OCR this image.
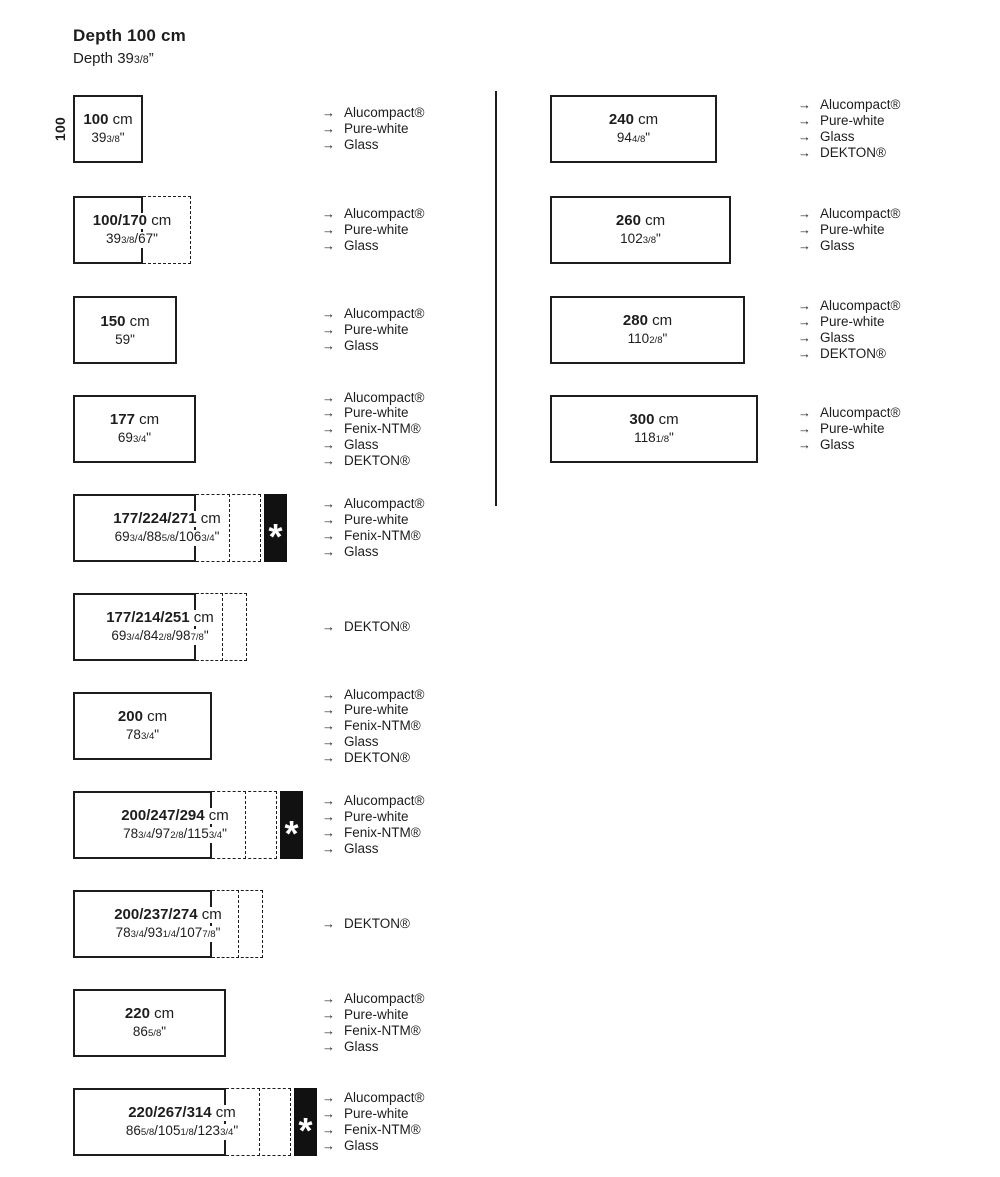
Depth 100 cm
Depth 393/8”
100 cm
393/8"
100
→ Alucompact®
→ Pure-white
→ Glass
100/170 cm
393/8/67"
→ Alucompact®
→ Pure-white
→ Glass
150 cm
59"
→ Alucompact®
→ Pure-white
→ Glass
177 cm
693/4"
→ Alucompact®
→ Pure-white
→ Fenix-NTM®
→ Glass
→ DEKTON®
*
177/224/271 cm
693/4/885/8/1063/4"
→ Alucompact®
→ Pure-white
→ Fenix-NTM®
→ Glass
177/214/251 cm
693/4/842/8/987/8"
→ DEKTON®
200 cm
783/4"
→ Alucompact®
→ Pure-white
→ Fenix-NTM®
→ Glass
→ DEKTON®
*
200/247/294 cm
783/4/972/8/1153/4"
→ Alucompact®
→ Pure-white
→ Fenix-NTM®
→ Glass
200/237/274 cm
783/4/931/4/1077/8"
→ DEKTON®
220 cm
865/8"
→ Alucompact®
→ Pure-white
→ Fenix-NTM®
→ Glass
*
220/267/314 cm
865/8/1051/8/1233/4"
→ Alucompact®
→ Pure-white
→ Fenix-NTM®
→ Glass
240 cm
944/8"
→ Alucompact®
→ Pure-white
→ Glass
→ DEKTON®
260 cm
1023/8"
→ Alucompact®
→ Pure-white
→ Glass
280 cm
1102/8"
→ Alucompact®
→ Pure-white
→ Glass
→ DEKTON®
300 cm
1181/8"
→ Alucompact®
→ Pure-white
→ Glass
